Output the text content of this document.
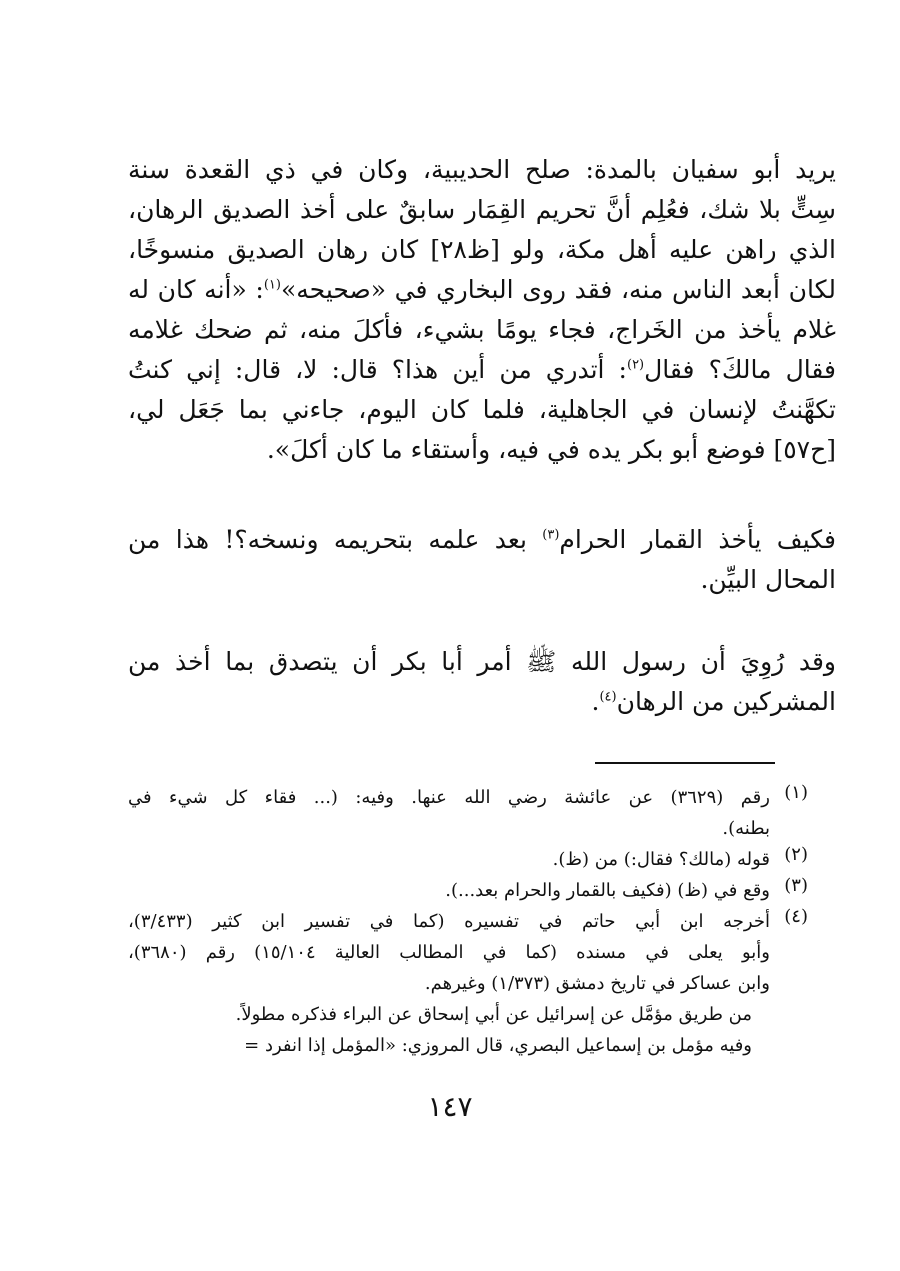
يريد أبو سفيان بالمدة: صلح الحديبية، وكان في ذي القعدة سنة
سِتٍّ بلا شك، فعُلِم أنَّ تحريم القِمَار سابقٌ على أخذ الصديق الرهان،
الذي راهن عليه أهل مكة، ولو [ظ٢٨] كان رهان الصديق منسوخًا،
لكان أبعد الناس منه، فقد روى البخاري في «صحيحه»$^{(١)}$: «أنه كان له
غلام يأخذ من الخَراج، فجاء يومًا بشيء، فأكلَ منه، ثم ضحك غلامه
فقال مالكَ؟ فقال$^{(٢)}$: أتدري من أين هذا؟ قال: لا، قال: إني كنتُ
تكهَّنتُ لإنسان في الجاهلية، فلما كان اليوم، جاءني بما جَعَل لي،
[ح٥٧] فوضع أبو بكر يده في فيه، وأستقاء ما كان أكلَ».
فكيف يأخذ القمار الحرام$^{(٣)}$ بعد علمه بتحريمه ونسخه؟! هذا من
المحال البيِّن.
وقد رُوِيَ أن رسول الله ﷺ أمر أبا بكر أن يتصدق بما أخذ من
المشركين من الرهان$^{(٤)}$.
(١)
رقم (٣٦٢٩) عن عائشة رضي الله عنها. وفيه: (... فقاء كل شيء في
بطنه).
(٢)
قوله (مالك؟ فقال:) من (ظ).
(٣)
وقع في (ظ) (فكيف بالقمار والحرام بعد...).
(٤)
أخرجه ابن أبي حاتم في تفسيره (كما في تفسير ابن كثير (٣/٤٣٣)،
وأبو يعلى في مسنده (كما في المطالب العالية ١٥/١٠٤) رقم (٣٦٨٠)،
وابن عساكر في تاريخ دمشق (١/٣٧٣) وغيرهم.
من طريق مؤمَّل عن إسرائيل عن أبي إسحاق عن البراء فذكره مطولاً.
وفيه مؤمل بن إسماعيل البصري، قال المروزي: «المؤمل إذا انفرد =
١٤٧
